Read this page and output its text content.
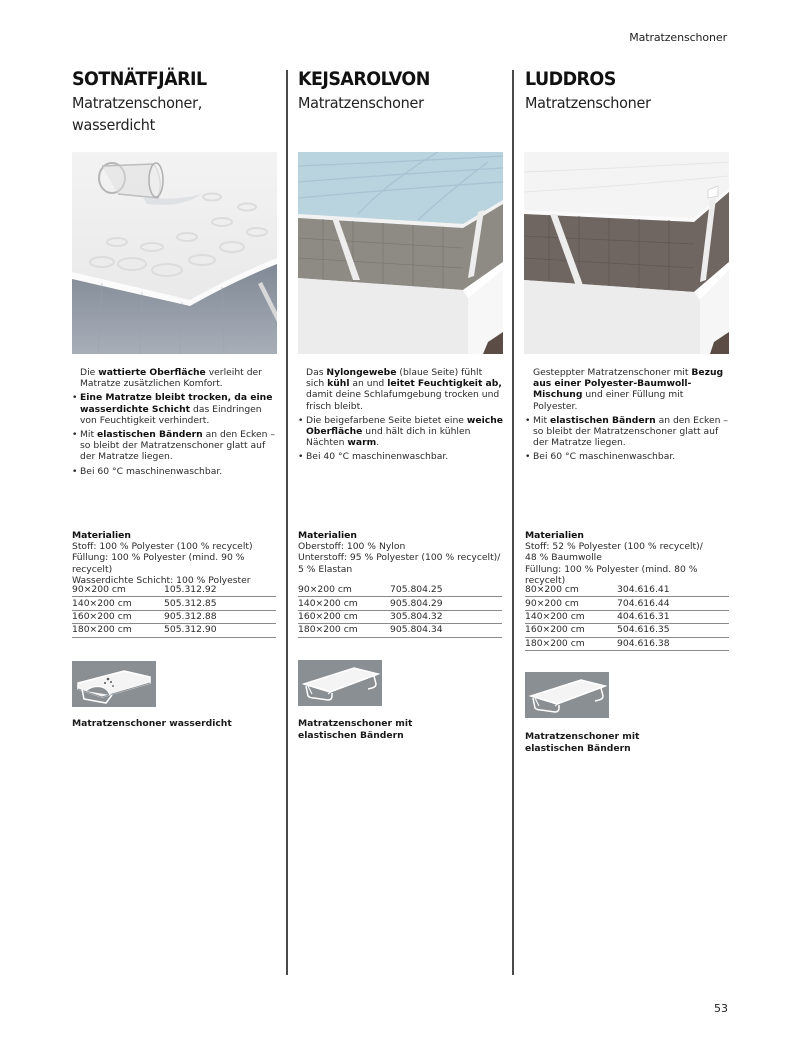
Matratzenschoner
SOTNÄTFJÄRIL
Matratzenschoner,
wasserdicht

Die wattierte Oberfläche verleiht der Matratze zusätzlichen Komfort.

• Eine Matratze bleibt trocken, da eine wasserdichte Schicht das Eindringen von Feuchtigkeit verhindert.
• Mit elastischen Bändern an den Ecken – so bleibt der Matratzenschoner glatt auf der Matratze liegen.
• Bei 60 °C maschinenwaschbar.
Materialien
Stoff: 100 % Polyester (100 % recycelt)
Füllung: 100 % Polyester (mind. 90 % recycelt)
Wasserdichte Schicht: 100 % Polyester
90×200 cm	105.312.92
140×200 cm	505.312.85
160×200 cm	905.312.88
180×200 cm	505.312.90
Matratzenschoner wasserdicht
KEJSAROLVON
Matratzenschoner

Das Nylongewebe (blaue Seite) fühlt sich kühl an und leitet Feuchtigkeit ab, damit deine Schlafumgebung trocken und frisch bleibt.

• Die beigefarbene Seite bietet eine weiche Oberfläche und hält dich in kühlen Nächten warm.
• Bei 40 °C maschinenwaschbar.
Materialien
Oberstoff: 100 % Nylon
Unterstoff: 95 % Polyester (100 % recycelt)/
5 % Elastan
90×200 cm	705.804.25
140×200 cm	905.804.29
160×200 cm	305.804.32
180×200 cm	905.804.34
Matratzenschoner mit
elastischen Bändern
LUDDROS
Matratzenschoner

Gesteppter Matratzenschoner mit Bezug aus einer Polyester-Baumwoll-Mischung und einer Füllung mit Polyester.

• Mit elastischen Bändern an den Ecken – so bleibt der Matratzenschoner glatt auf der Matratze liegen.
• Bei 60 °C maschinenwaschbar.
Materialien
Stoff: 52 % Polyester (100 % recycelt)/
48 % Baumwolle
Füllung: 100 % Polyester (mind. 80 % recycelt)
80×200 cm	304.616.41
90×200 cm	704.616.44
140×200 cm	404.616.31
160×200 cm	504.616.35
180×200 cm	904.616.38
Matratzenschoner mit
elastischen Bändern
53
